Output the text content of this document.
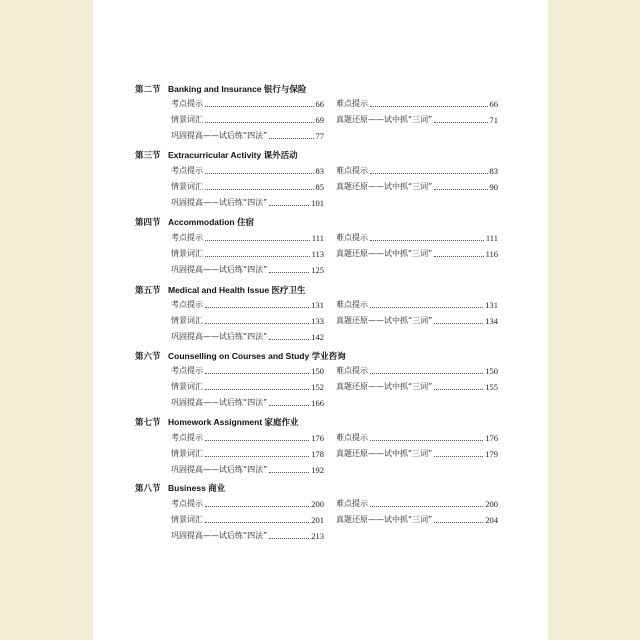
第二节 Banking and Insurance 银行与保险
考点提示	66 难点提示	66
情景词汇	69 真题还原——试中抓“三词”	71
巩固提高——试后练“四法”	77
第三节 Extracurricular Activity 课外活动
考点提示	83 难点提示	83
情景词汇	85 真题还原——试中抓“三词”	90
巩固提高——试后练“四法”	101
第四节 Accommodation 住宿
考点提示	111 难点提示	111
情景词汇	113 真题还原——试中抓“三词”	116
巩固提高——试后练“四法”	125
第五节 Medical and Health Issue 医疗卫生
考点提示	131 难点提示	131
情景词汇	133 真题还原——试中抓“三词”	134
巩固提高——试后练“四法”	142
第六节 Counselling on Courses and Study 学业咨询
考点提示	150 难点提示	150
情景词汇	152 真题还原——试中抓“三词”	155
巩固提高——试后练“四法”	166
第七节 Homework Assignment 家庭作业
考点提示	176 难点提示	176
情景词汇	178 真题还原——试中抓“三词”	179
巩固提高——试后练“四法”	192
第八节 Business 商业
考点提示	200 难点提示	200
情景词汇	201 真题还原——试中抓“三词”	204
巩固提高——试后练“四法”	213
